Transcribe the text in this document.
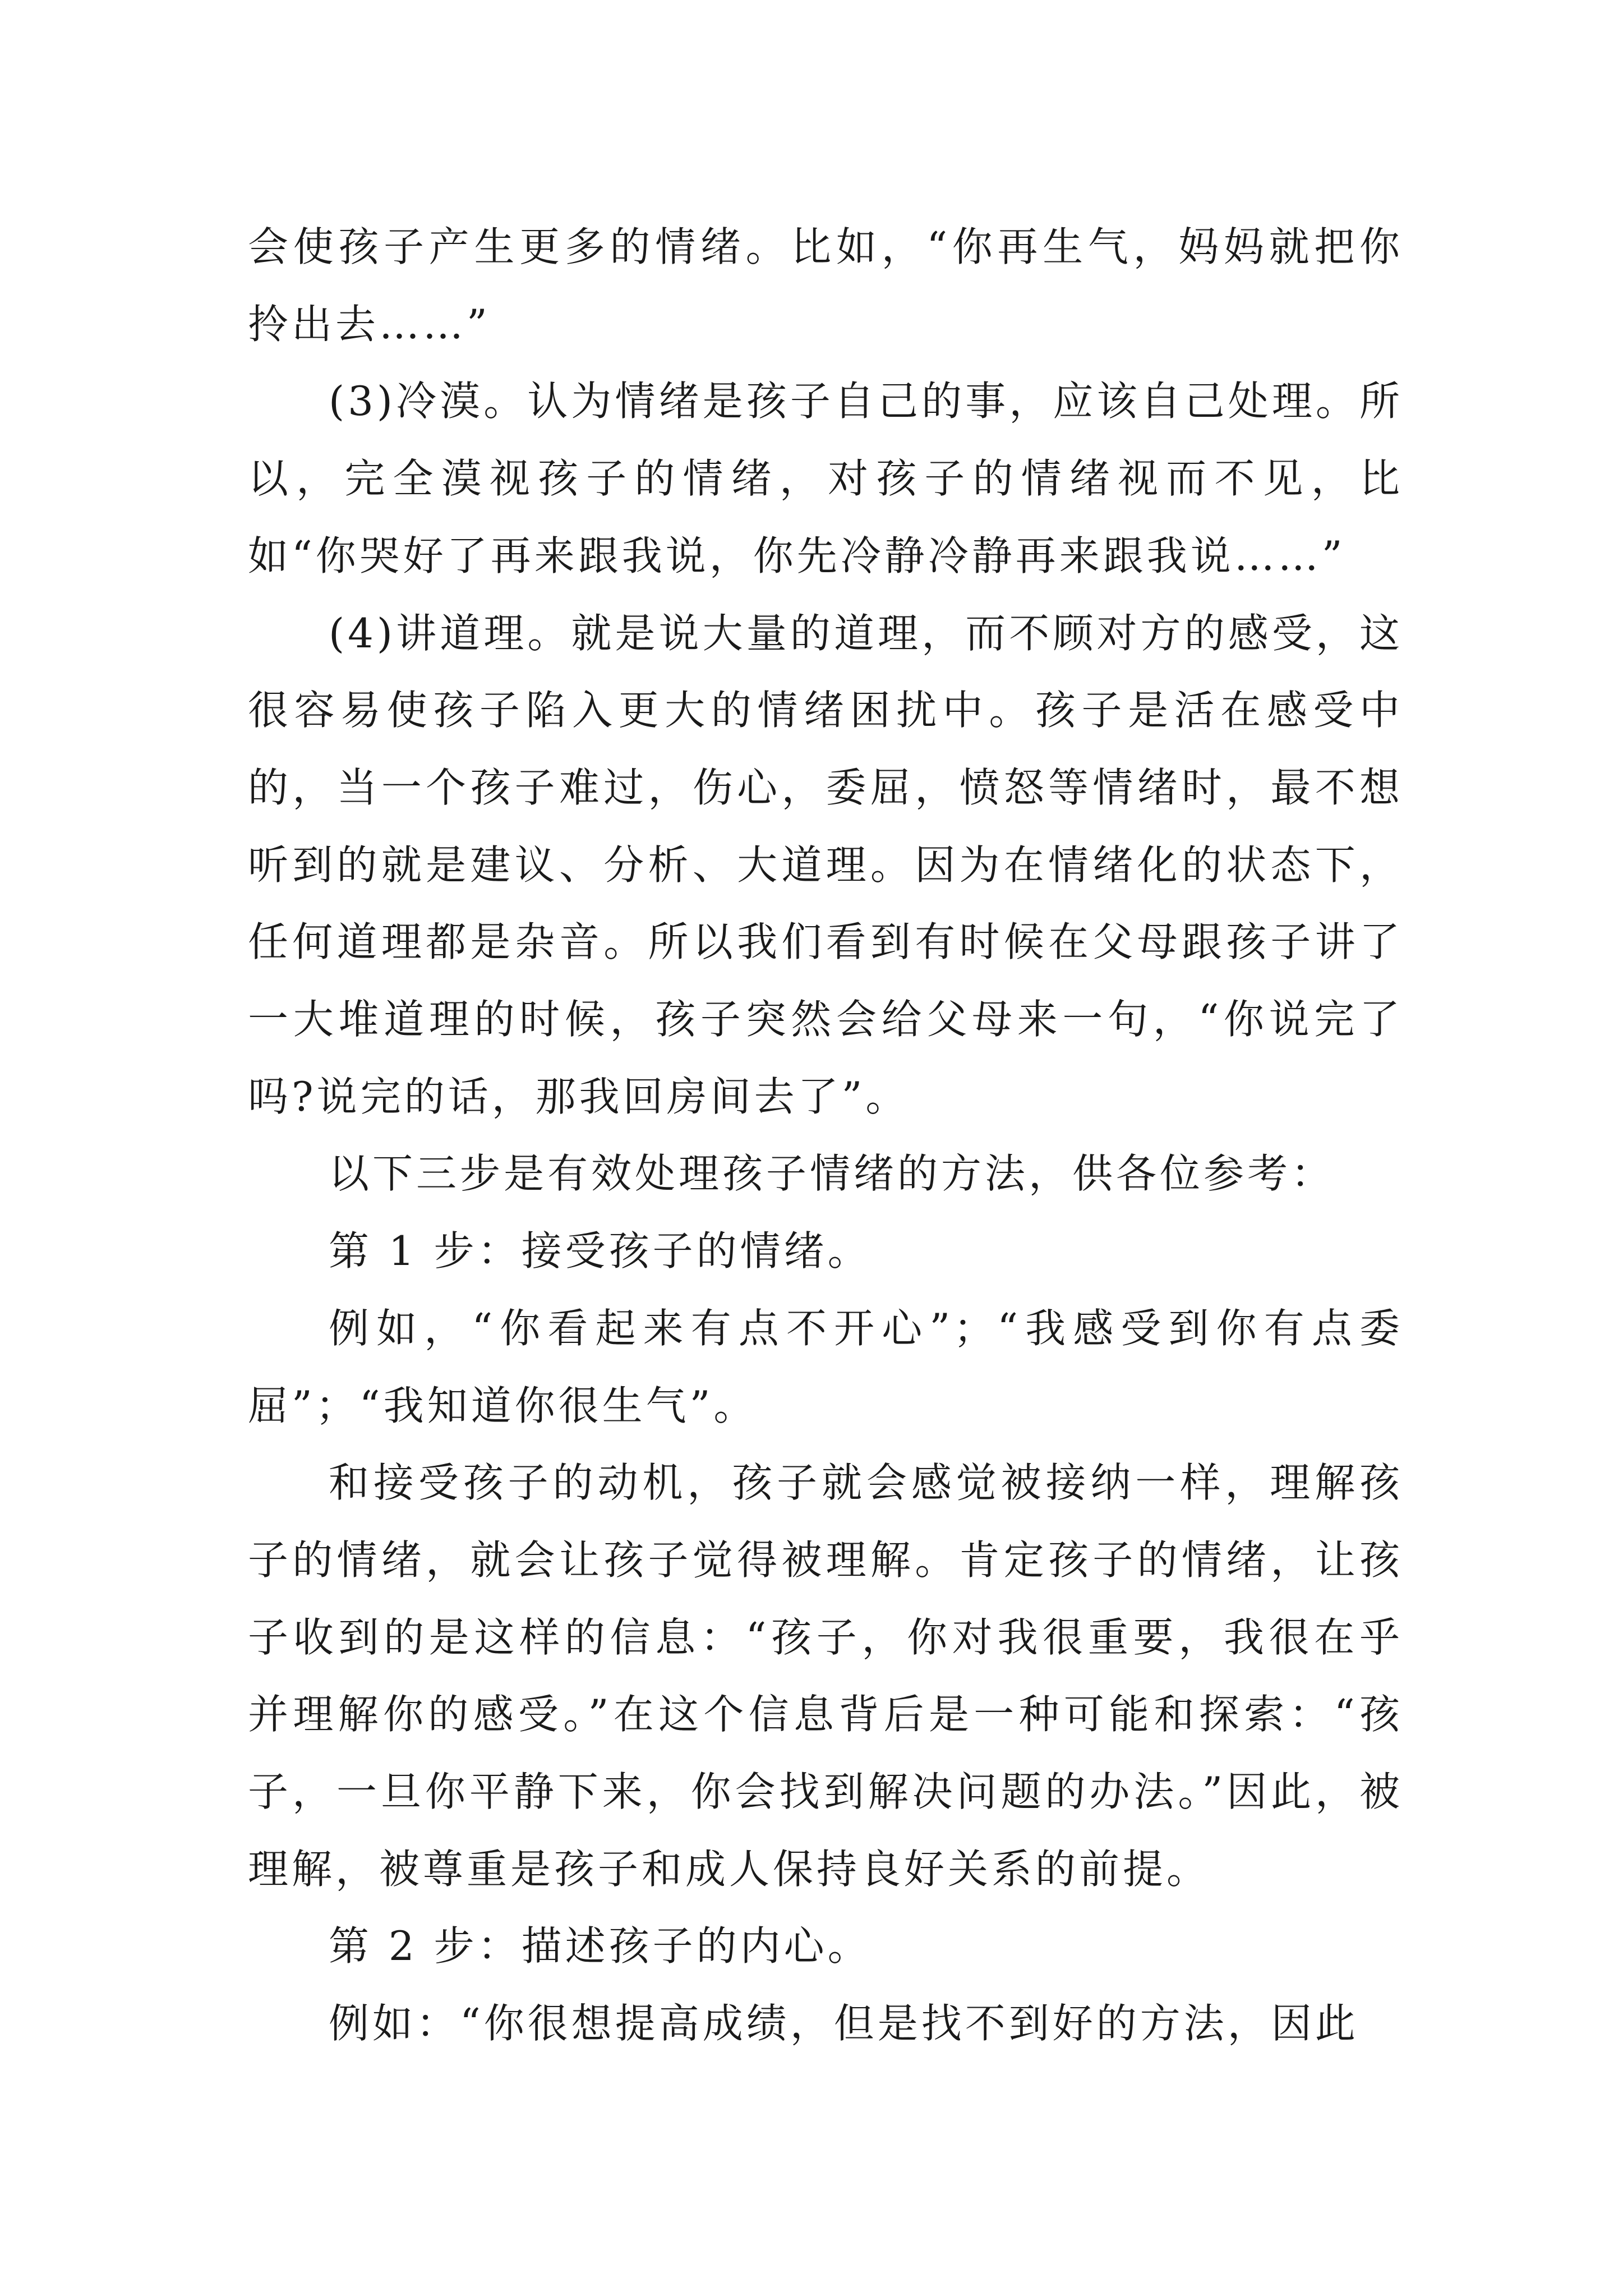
会使孩子产生更多的情绪。比如，“你再生气，妈妈就把你拎出去……”

(3)冷漠。认为情绪是孩子自己的事，应该自己处理。所以，完全漠视孩子的情绪，对孩子的情绪视而不见，比如“你哭好了再来跟我说，你先冷静冷静再来跟我说……”

(4)讲道理。就是说大量的道理，而不顾对方的感受，这很容易使孩子陷入更大的情绪困扰中。孩子是活在感受中的，当一个孩子难过，伤心，委屈，愤怒等情绪时，最不想听到的就是建议、分析、大道理。因为在情绪化的状态下，任何道理都是杂音。所以我们看到有时候在父母跟孩子讲了一大堆道理的时候，孩子突然会给父母来一句，“你说完了吗?说完的话，那我回房间去了”。

以下三步是有效处理孩子情绪的方法，供各位参考：

第 1 步：接受孩子的情绪。

例如，“你看起来有点不开心”；“我感受到你有点委屈”；“我知道你很生气”。

和接受孩子的动机，孩子就会感觉被接纳一样，理解孩子的情绪，就会让孩子觉得被理解。肯定孩子的情绪，让孩子收到的是这样的信息：“孩子，你对我很重要，我很在乎并理解你的感受。”在这个信息背后是一种可能和探索：“孩子，一旦你平静下来，你会找到解决问题的办法。”因此，被理解，被尊重是孩子和成人保持良好关系的前提。

第 2 步：描述孩子的内心。

例如：“你很想提高成绩，但是找不到好的方法，因此
